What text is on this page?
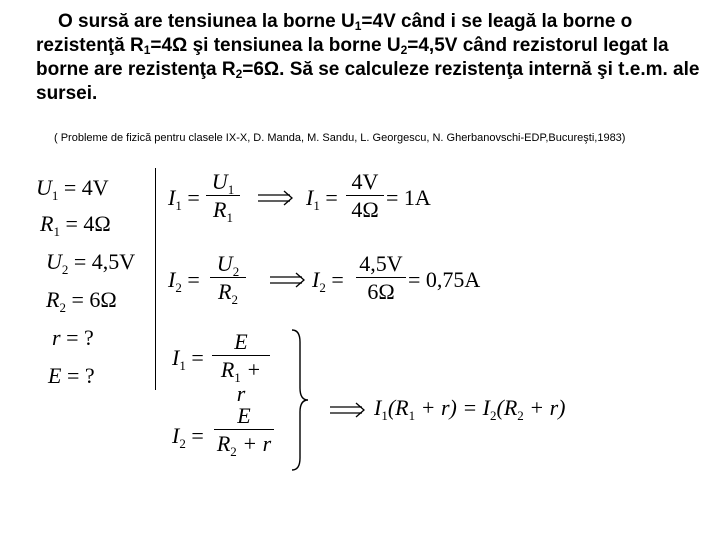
O sursă are tensiunea la borne $U_1=4V$ când i se leagă la borne o rezistenţă $R_1=4\Omega$ şi tensiunea la borne $U_2=4,5V$ când rezistorul legat la borne are rezistenţa $R_2=6\Omega$. Să se calculeze rezistenţa internă şi t.e.m. ale sursei.
( Probleme de fizică pentru clasele IX-X, D. Manda, M. Sandu, L. Georgescu, N. Gherbanovschi-EDP,Bucureşti,1983)
$U_1 = 4V$
$R_1 = 4\Omega$
$U_2 = 4,5V$
$R_2 = 6\Omega$
r = ?
E = ?
$I_1$ =
$U_1$
$R_1$
$I_1$ =
4V
4Ω = 1A
$I_2$ =
$U_2$
$R_2$
$I_2$ =
4,5V
6Ω = 0,75A
$I_1$ =
E
$R_1 + r$
$I_2$ =
E
$R_2 + r$
$I_1(R_1 + r) = I_2(R_2 + r)$
